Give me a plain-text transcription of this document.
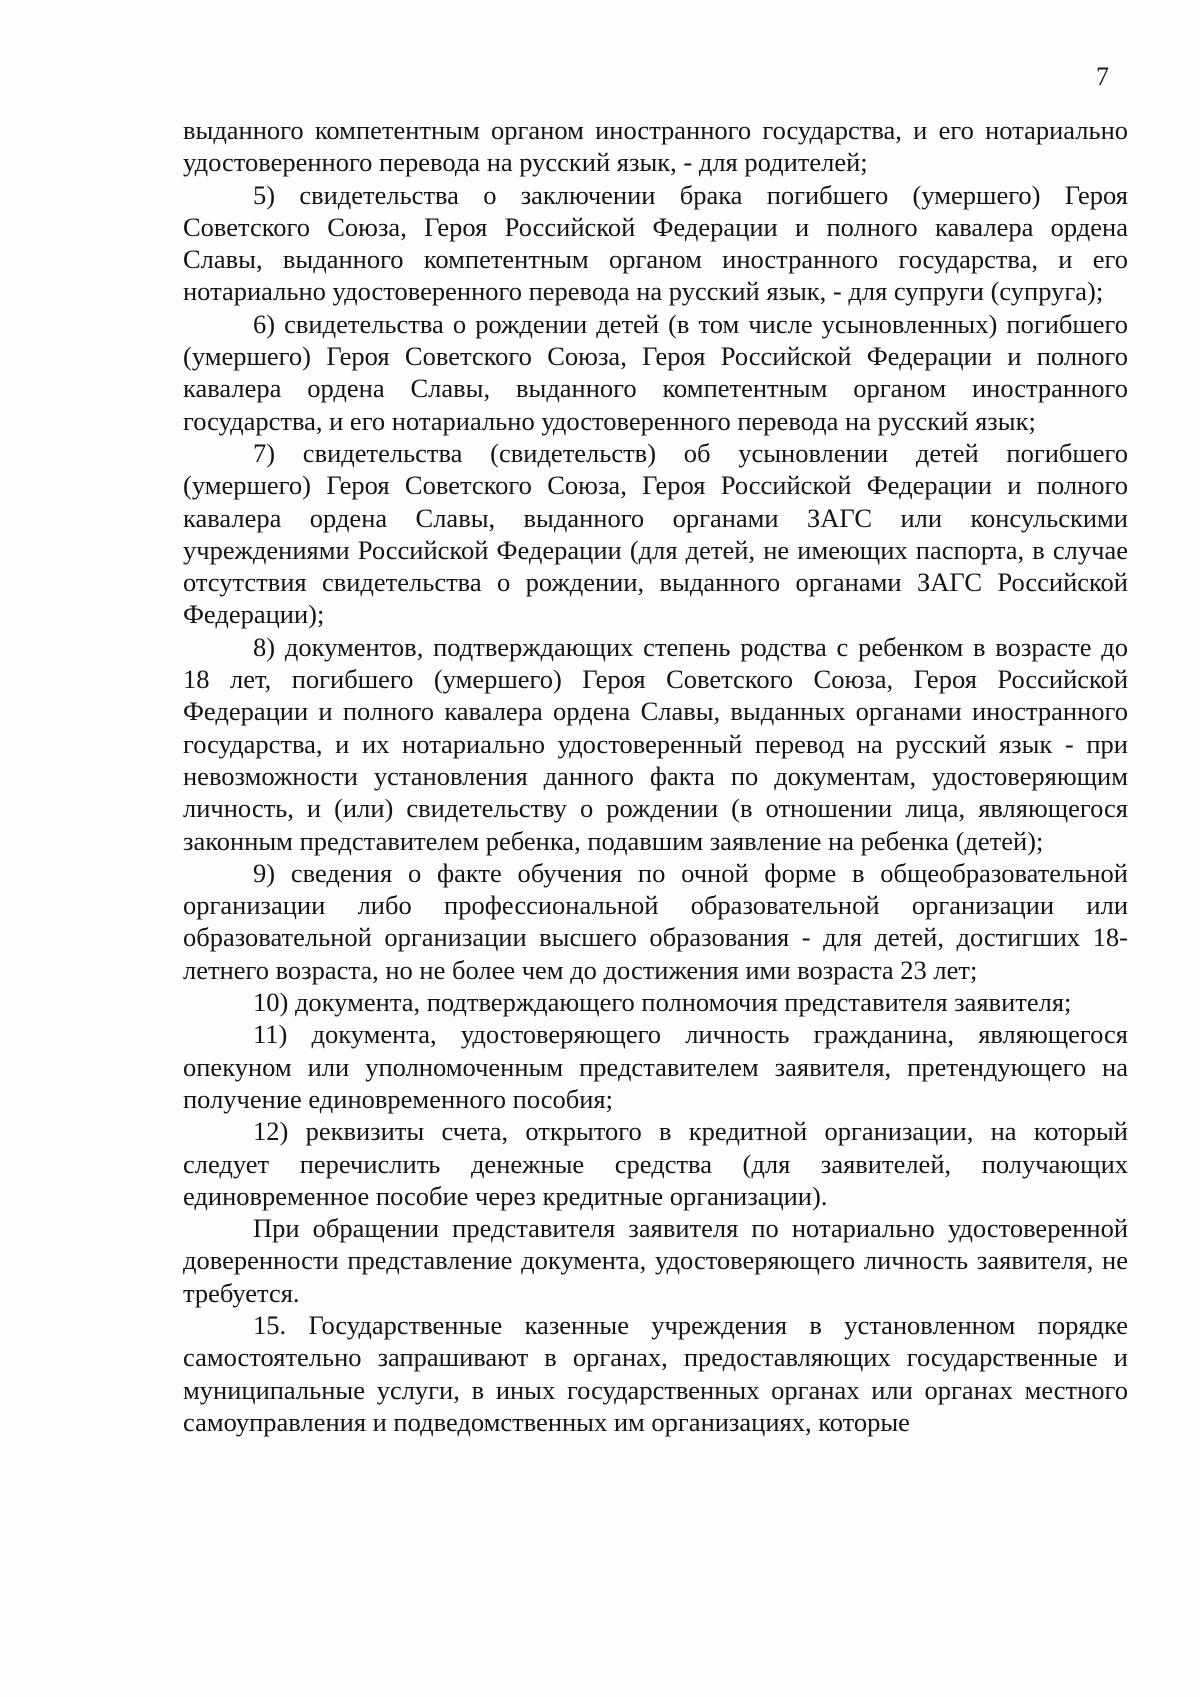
7

выданного компетентным органом иностранного государства, и его нотариально удостоверенного перевода на русский язык, - для родителей;

5) свидетельства о заключении брака погибшего (умершего) Героя Советского Союза, Героя Российской Федерации и полного кавалера ордена Славы, выданного компетентным органом иностранного государства, и его нотариально удостоверенного перевода на русский язык, - для супруги (супруга);

6) свидетельства о рождении детей (в том числе усыновленных) погибшего (умершего) Героя Советского Союза, Героя Российской Федерации и полного кавалера ордена Славы, выданного компетентным органом иностранного государства, и его нотариально удостоверенного перевода на русский язык;

7) свидетельства (свидетельств) об усыновлении детей погибшего (умершего) Героя Советского Союза, Героя Российской Федерации и полного кавалера ордена Славы, выданного органами ЗАГС или консульскими учреждениями Российской Федерации (для детей, не имеющих паспорта, в случае отсутствия свидетельства о рождении, выданного органами ЗАГС Российской Федерации);

8) документов, подтверждающих степень родства с ребенком в возрасте до 18 лет, погибшего (умершего) Героя Советского Союза, Героя Российской Федерации и полного кавалера ордена Славы, выданных органами иностранного государства, и их нотариально удостоверенный перевод на русский язык - при невозможности установления данного факта по документам, удостоверяющим личность, и (или) свидетельству о рождении (в отношении лица, являющегося законным представителем ребенка, подавшим заявление на ребенка (детей);

9) сведения о факте обучения по очной форме в общеобразовательной организации либо профессиональной образовательной организации или образовательной организации высшего образования - для детей, достигших 18-летнего возраста, но не более чем до достижения ими возраста 23 лет;

10) документа, подтверждающего полномочия представителя заявителя;

11) документа, удостоверяющего личность гражданина, являющегося опекуном или уполномоченным представителем заявителя, претендующего на получение единовременного пособия;

12) реквизиты счета, открытого в кредитной организации, на который следует перечислить денежные средства (для заявителей, получающих единовременное пособие через кредитные организации).

При обращении представителя заявителя по нотариально удостоверенной доверенности представление документа, удостоверяющего личность заявителя, не требуется.

15. Государственные казенные учреждения в установленном порядке самостоятельно запрашивают в органах, предоставляющих государственные и муниципальные услуги, в иных государственных органах или органах местного самоуправления и подведомственных им организациях, которые
